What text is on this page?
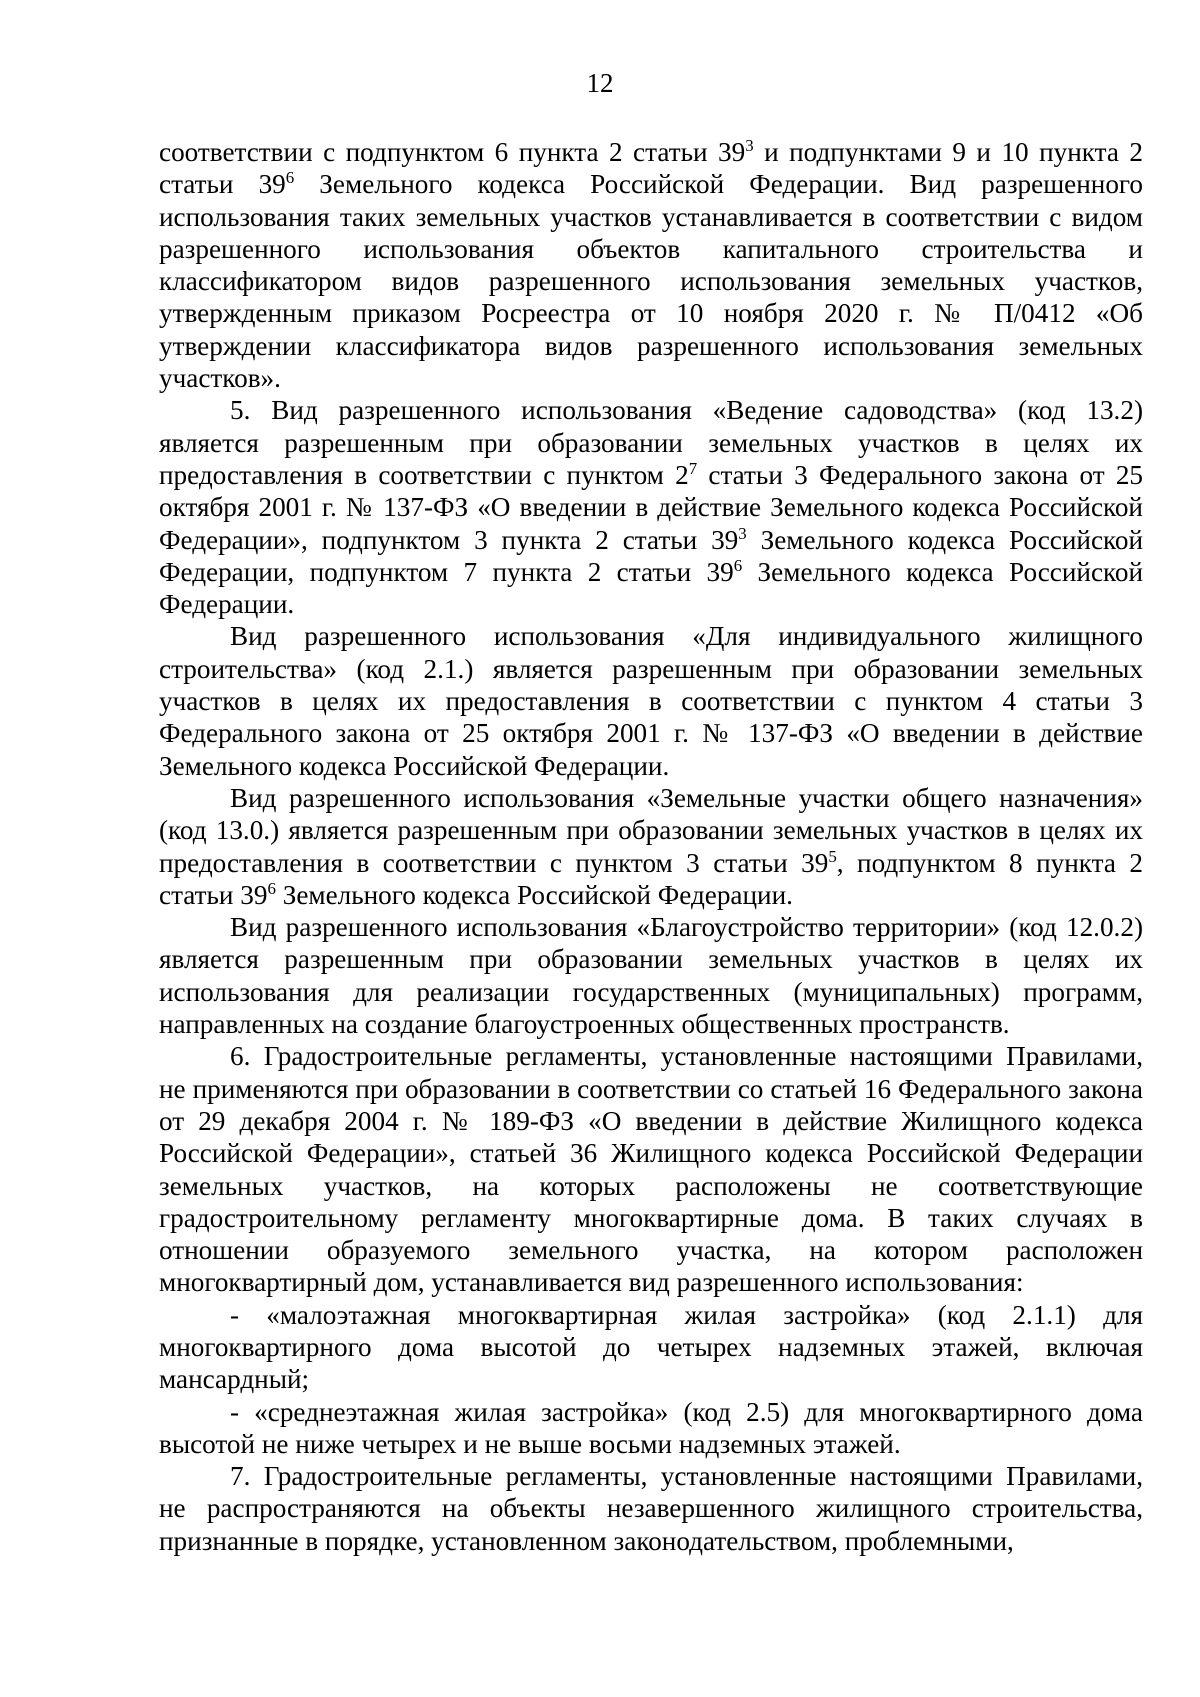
12

соответствии с подпунктом 6 пункта 2 статьи $39^3$ и подпунктами 9 и 10 пункта 2 статьи $39^6$ Земельного кодекса Российской Федерации. Вид разрешенного использования таких земельных участков устанавливается в соответствии с видом разрешенного использования объектов капитального строительства и классификатором видов разрешенного использования земельных участков, утвержденным приказом Росреестра от 10 ноября 2020 г. № П/0412 «Об утверждении классификатора видов разрешенного использования земельных участков».

5. Вид разрешенного использования «Ведение садоводства» (код 13.2) является разрешенным при образовании земельных участков в целях их предоставления в соответствии с пунктом $2^7$ статьи 3 Федерального закона от 25 октября 2001 г. № 137-ФЗ «О введении в действие Земельного кодекса Российской Федерации», подпунктом 3 пункта 2 статьи $39^3$ Земельного кодекса Российской Федерации, подпунктом 7 пункта 2 статьи $39^6$ Земельного кодекса Российской Федерации.

Вид разрешенного использования «Для индивидуального жилищного строительства» (код 2.1.) является разрешенным при образовании земельных участков в целях их предоставления в соответствии с пунктом 4 статьи 3 Федерального закона от 25 октября 2001 г. № 137-ФЗ «О введении в действие Земельного кодекса Российской Федерации.

Вид разрешенного использования «Земельные участки общего назначения» (код 13.0.) является разрешенным при образовании земельных участков в целях их предоставления в соответствии с пунктом 3 статьи $39^5$, подпунктом 8 пункта 2 статьи $39^6$ Земельного кодекса Российской Федерации.

Вид разрешенного использования «Благоустройство территории» (код 12.0.2) является разрешенным при образовании земельных участков в целях их использования для реализации государственных (муниципальных) программ, направленных на создание благоустроенных общественных пространств.

6. Градостроительные регламенты, установленные настоящими Правилами, не применяются при образовании в соответствии со статьей 16 Федерального закона от 29 декабря 2004 г. № 189-ФЗ «О введении в действие Жилищного кодекса Российской Федерации», статьей 36 Жилищного кодекса Российской Федерации земельных участков, на которых расположены не соответствующие градостроительному регламенту многоквартирные дома. В таких случаях в отношении образуемого земельного участка, на котором расположен многоквартирный дом, устанавливается вид разрешенного использования:

- «малоэтажная многоквартирная жилая застройка» (код 2.1.1) для многоквартирного дома высотой до четырех надземных этажей, включая мансардный;

- «среднеэтажная жилая застройка» (код 2.5) для многоквартирного дома высотой не ниже четырех и не выше восьми надземных этажей.

7. Градостроительные регламенты, установленные настоящими Правилами, не распространяются на объекты незавершенного жилищного строительства, признанные в порядке, установленном законодательством, проблемными,
